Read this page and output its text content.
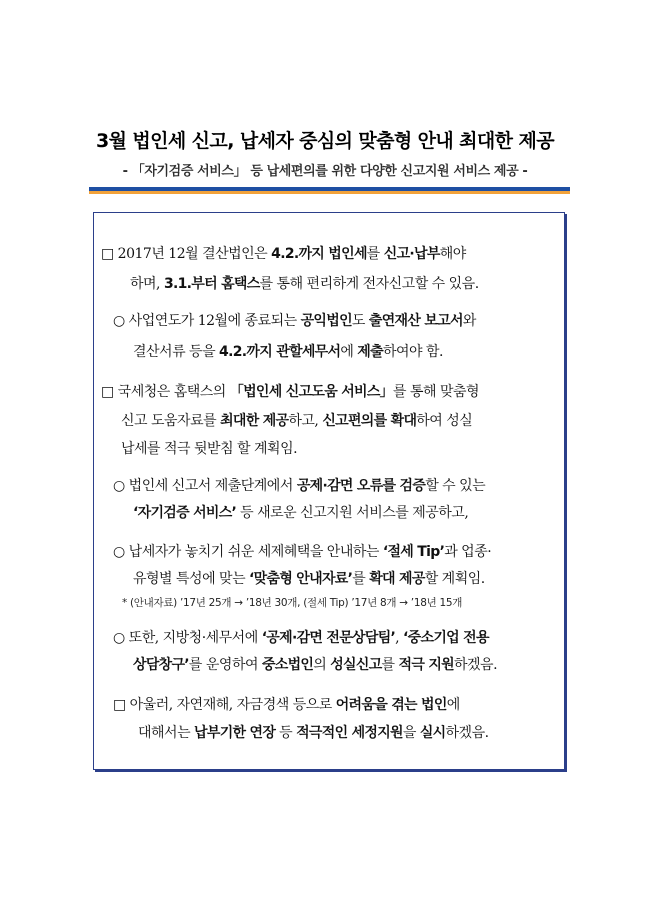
3월 법인세 신고, 납세자 중심의 맞춤형 안내 최대한 제공
- 「자기검증 서비스」 등 납세편의를 위한 다양한 신고지원 서비스 제공 -
□ 2017년 12월 결산법인은 4.2.까지 법인세를 신고·납부해야
하며, 3.1.부터 홈택스를 통해 편리하게 전자신고할 수 있음.
○ 사업연도가 12월에 종료되는 공익법인도 출연재산 보고서와
결산서류 등을 4.2.까지 관할세무서에 제출하여야 함.
□ 국세청은 홈택스의 「법인세 신고도움 서비스」를 통해 맞춤형
신고 도움자료를 최대한 제공하고, 신고편의를 확대하여 성실
납세를 적극 뒷받침 할 계획임.
○ 법인세 신고서 제출단계에서 공제·감면 오류를 검증할 수 있는
‘자기검증 서비스’ 등 새로운 신고지원 서비스를 제공하고,
○ 납세자가 놓치기 쉬운 세제혜택을 안내하는 ‘절세 Tip’과 업종·
유형별 특성에 맞는 ‘맞춤형 안내자료’를 확대 제공할 계획임.
* (안내자료) ’17년 25개 → ’18년 30개, (절세 Tip) ’17년 8개 → ’18년 15개
○ 또한, 지방청·세무서에 ‘공제·감면 전문상담팀’, ‘중소기업 전용
상담창구’를 운영하여 중소법인의 성실신고를 적극 지원하겠음.
□ 아울러, 자연재해, 자금경색 등으로 어려움을 겪는 법인에
대해서는 납부기한 연장 등 적극적인 세정지원을 실시하겠음.
